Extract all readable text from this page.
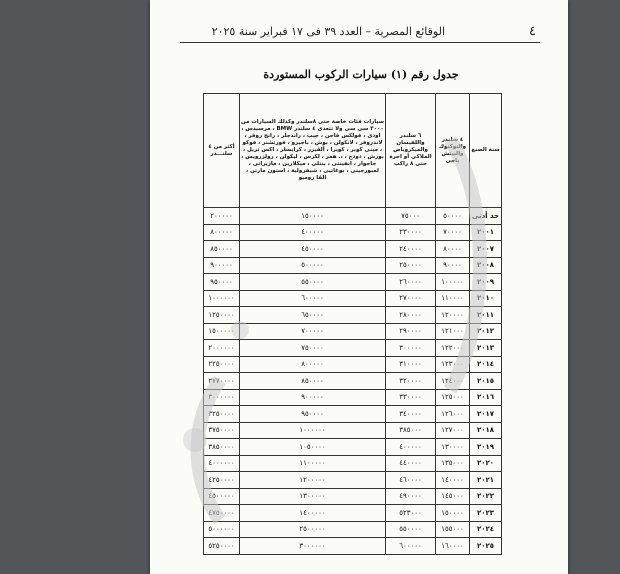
٤
الوقائع المصرية – العدد ٣٩ فى ١٧ فبراير سنة ٢٠٢٥
جدول رقم (١) سيارات الركوب المستوردة
سنة الصنع	٤ سلندر والتوكتوك والبيتش باجى	٦ سلندر واللفيسان والميكروباص الملاكى أو اجرة حتى ٨ راكب	سيارات فئات خاصة حتى ٨سلندر وكذلك السيارات من ٣٠٠٠ سى سى ولا تتعدى ٤ سلندر BMW ، مرسيدس ، اودى ، فولكس فاجن ، جيب ، راندجلر ، رانج روفر ، لاندروفر ، لانكولن ، بوش ، باجيرو ، فورتشنر ، فوكو ، مينى كوبر ، كوبرا ، ألفيزر ، كرايسلر ، اكس تريل ، بورش ، دودج ، ،. همر ، لكزس ، ليكولن ، رولزرويس ، جاجوار ، انفينتى ، بنتلى ، ميكلارين ، مازيراتى ، لمبورجينى ، بوغاتيى ، شيفرولية ، استون مارتن ، الفا روميو	أكثر من ٤ سلنـــدر
حد أدنى	٥٠٠٠٠	٧٥٠٠٠	١٥٠٠٠٠	٢٠٠٠٠٠
٢٠٠١	٧٠٠٠٠	٢٣٠٠٠٠	٤٠٠٠٠٠	٨٠٠٠٠٠
٢٠٠٧	٨٠٠٠٠	٢٤٠٠٠٠	٤٥٠٠٠٠	٨٥٠٠٠٠
٢٠٠٨	٩٠٠٠٠	٢٥٠٠٠٠	٥٠٠٠٠٠	٩٠٠٠٠٠
٢٠٠٩	١٠٠٠٠٠	٢٦٠٠٠٠	٥٥٠٠٠٠	٩٥٠٠٠٠
٢٠١٠	١١٠٠٠٠	٢٧٠٠٠٠	٦٠٠٠٠٠	١٠٠٠٠٠٠
٢٠١١	١٢٠٠٠٠	٢٨٠٠٠٠	٦٥٠٠٠٠	١٢٥٠٠٠٠
٢٠١٢	١٢١٠٠٠	٢٩٠٠٠٠	٧٠٠٠٠٠	١٥٠٠٠٠٠
٢٠١٣	١٢٢٠٠٠	٣٠٠٠٠٠	٧٥٠٠٠٠	٢٠٠٠٠٠٠
٢٠١٤	١٢٣٠٠٠	٣١٠٠٠٠	٨٠٠٠٠٠	٢٢٥٠٠٠٠
٢٠١٥	١٢٤٠٠٠	٣٢٠٠٠٠	٨٥٠٠٠٠	٢٧٧٠٠٠٠
٢٠١٦	١٢٥٠٠٠	٣٣٠٠٠٠	٩٠٠٠٠٠	٣٠٠٠٠٠٠
٢٠١٧	١٢٦٠٠٠	٣٤٠٠٠٠	٩٥٠٠٠٠	٣٢٥٠٠٠٠
٢٠١٨	١٢٧٠٠٠	٣٨٥٠٠٠	١٠٠٠٠٠٠	٣٧٥٠٠٠٠
٢٠١٩	١٣٠٠٠٠	٤٠٠٠٠٠	١٠٥٠٠٠٠	٣٨٥٠٠٠٠
٢٠٢٠	١٣٥٠٠٠	٤٤٠٠٠٠	١١٠٠٠٠٠	٤٠٠٠٠٠٠
٢٠٢١	١٤٠٠٠٠	٤٦٠٠٠٠	١٢٠٠٠٠٠	٤٢٥٠٠٠٠
٢٠٢٢	١٤٥٠٠٠	٤٩٠٠٠٠	١٣٠٠٠٠٠	٤٥٠٠٠٠٠
٢٠٢٣	١٥٠٠٠٠	٥٢٣٠٠٠	١٤٠٠٠٠٠	٤٧٥٠٠٠٠
٢٠٢٤	١٥٥٠٠٠	٥٥٠٠٠٠	٢٥٠٠٠٠٠	٥٠٠٠٠٠٠
٢٠٢٥	١٦٠٠٠٠	٦٠٠٠٠٠	٣٠٠٠٠٠٠	٥٢٥٠٠٠٠
